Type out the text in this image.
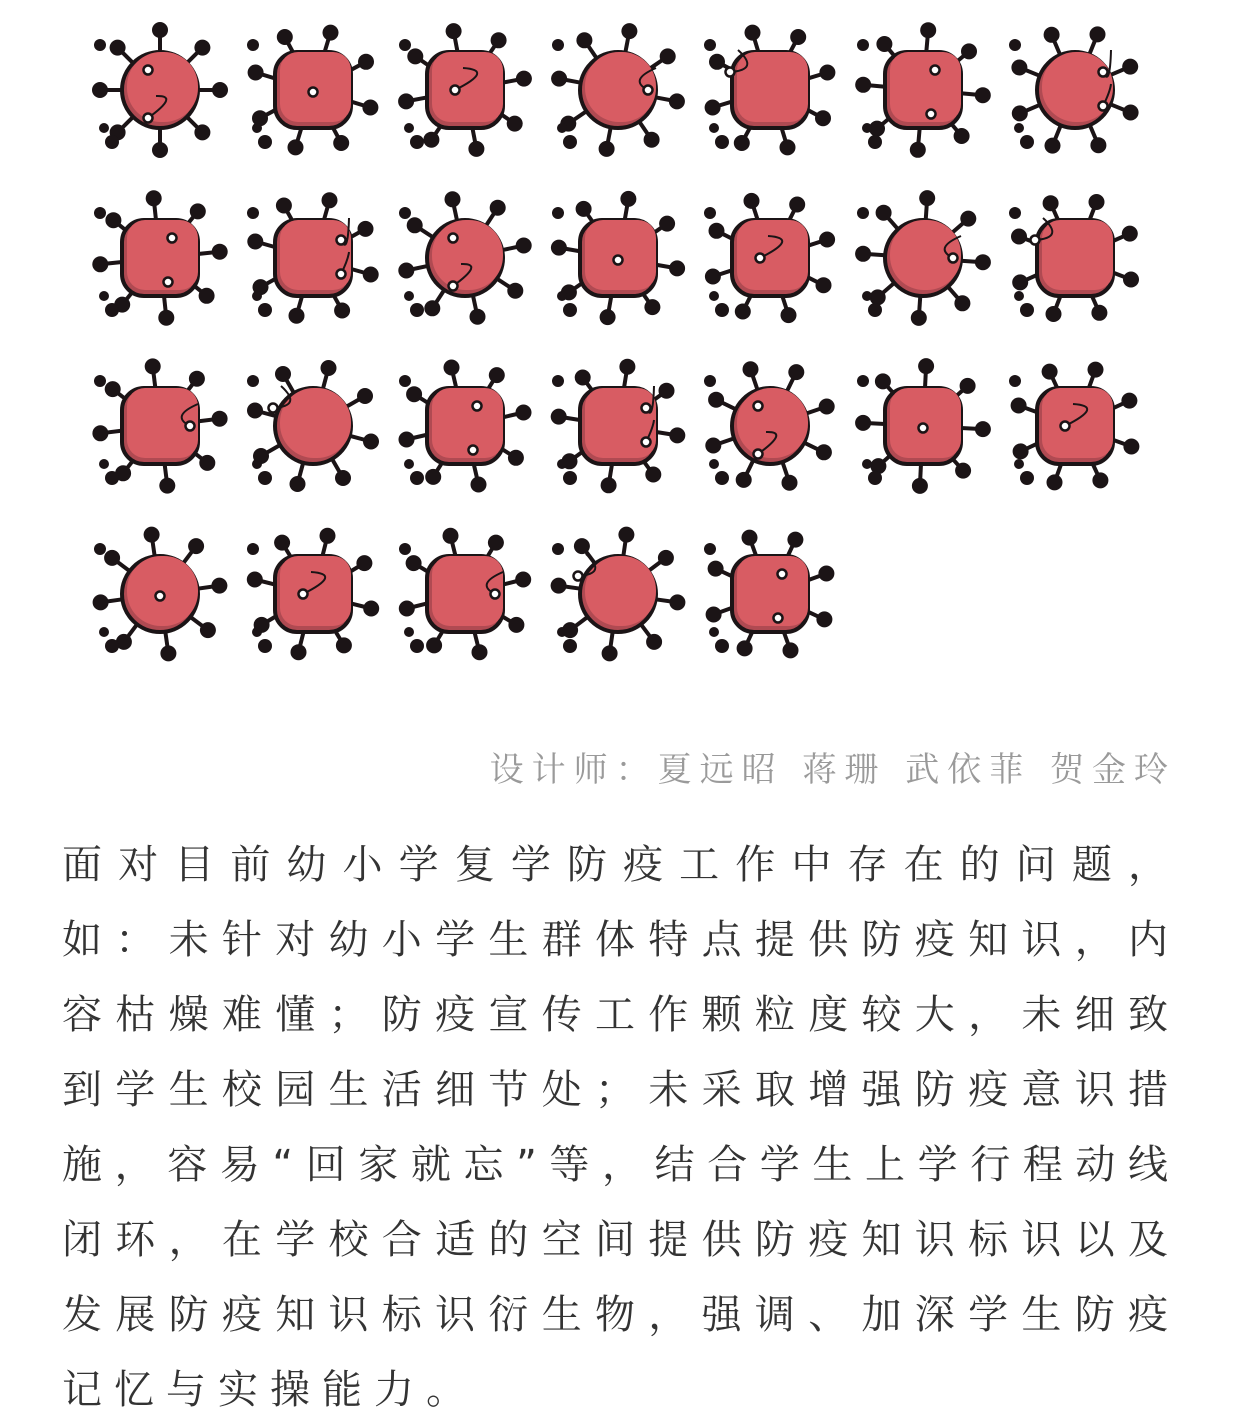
设计师：夏远昭 蒋珊 武依菲 贺金玲

面对目前幼小学复学防疫工作中存在的问题，如：未针对幼小学生群体特点提供防疫知识，内容枯燥难懂；防疫宣传工作颗粒度较大，未细致到学生校园生活细节处；未采取增强防疫意识措施，容易“回家就忘”等，结合学生上学行程动线闭环，在学校合适的空间提供防疫知识标识以及发展防疫知识标识衍生物，强调、加深学生防疫记忆与实操能力。
